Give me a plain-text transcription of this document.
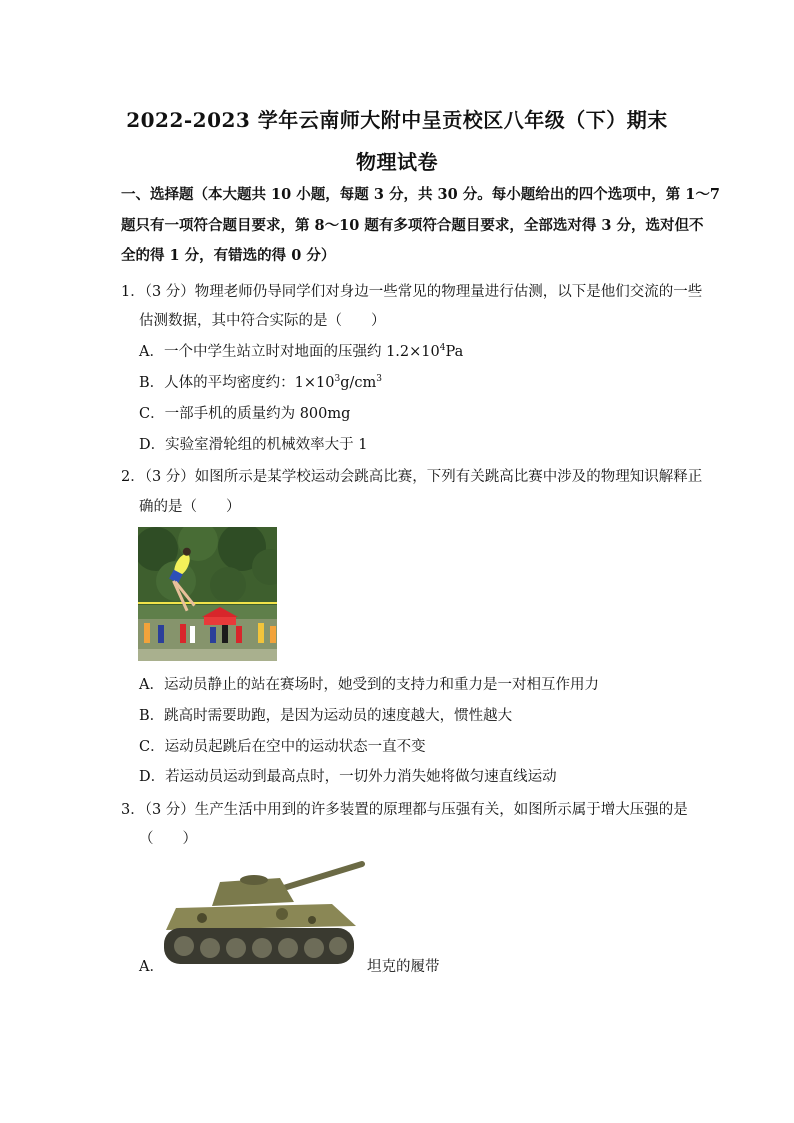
2022-2023 学年云南师大附中呈贡校区八年级（下）期末
物理试卷
一、选择题（本大题共 10 小题，每题 3 分，共 30 分。每小题给出的四个选项中，第 1～7
题只有一项符合题目要求，第 8～10 题有多项符合题目要求，全部选对得 3 分，选对但不
全的得 1 分，有错选的得 0 分）
1．（3 分）物理老师仍导同学们对身边一些常见的物理量进行估测，以下是他们交流的一些
估测数据，其中符合实际的是（　　）
A．一个中学生站立时对地面的压强约 $1.2\times 10^4Pa$
B．人体的平均密度约：$1\times 10^3g/cm^3$
C．一部手机的质量约为 800mg
D．实验室滑轮组的机械效率大于 1
2．（3 分）如图所示是某学校运动会跳高比赛，下列有关跳高比赛中涉及的物理知识解释正
确的是（　　）
A．运动员静止的站在赛场时，她受到的支持力和重力是一对相互作用力
B．跳高时需要助跑，是因为运动员的速度越大，惯性越大
C．运动员起跳后在空中的运动状态一直不变
D．若运动员运动到最高点时，一切外力消失她将做匀速直线运动
3．（3 分）生产生活中用到的许多装置的原理都与压强有关，如图所示属于增大压强的是
（　　）
A．	坦克的履带
